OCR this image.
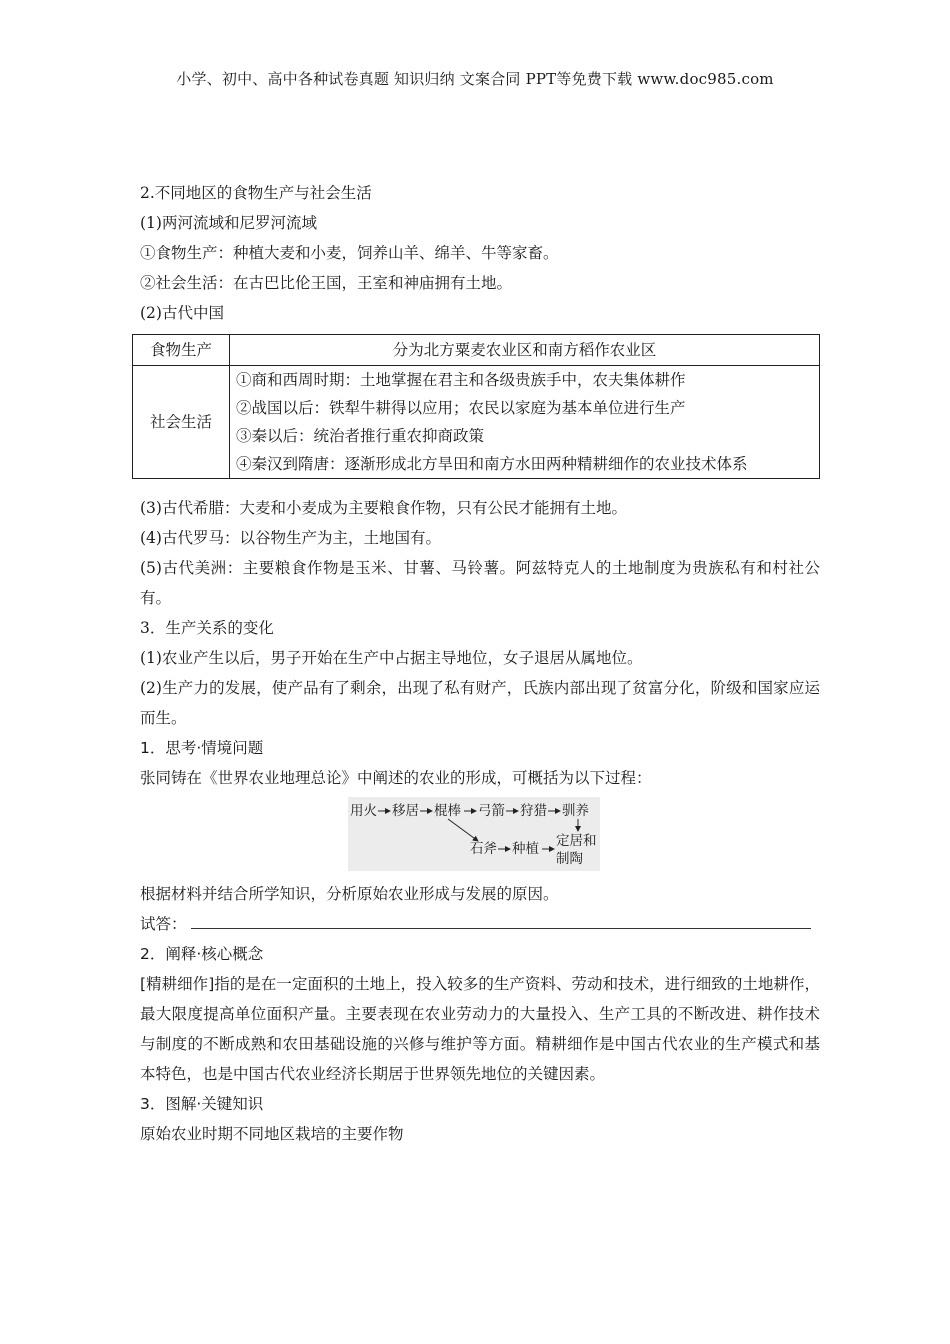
小学、初中、高中各种试卷真题 知识归纳 文案合同 PPT等免费下载 www.doc985.com

2.不同地区的食物生产与社会生活

(1)两河流域和尼罗河流域

①食物生产：种植大麦和小麦，饲养山羊、绵羊、牛等家畜。

②社会生活：在古巴比伦王国，王室和神庙拥有土地。

(2)古代中国

食物生产	分为北方粟麦农业区和南方稻作农业区
社会生活	①商和西周时期：土地掌握在君主和各级贵族手中，农夫集体耕作
②战国以后：铁犁牛耕得以应用；农民以家庭为基本单位进行生产
③秦以后：统治者推行重农抑商政策
④秦汉到隋唐：逐渐形成北方旱田和南方水田两种精耕细作的农业技术体系

(3)古代希腊：大麦和小麦成为主要粮食作物，只有公民才能拥有土地。

(4)古代罗马：以谷物生产为主，土地国有。

(5)古代美洲：主要粮食作物是玉米、甘薯、马铃薯。阿兹特克人的土地制度为贵族私有和村社公有。

3．生产关系的变化

(1)农业产生以后，男子开始在生产中占据主导地位，女子退居从属地位。

(2)生产力的发展，使产品有了剩余，出现了私有财产，氏族内部出现了贫富分化，阶级和国家应运而生。

1．思考·情境问题

张同铸在《世界农业地理总论》中阐述的农业的形成，可概括为以下过程：

用火 移居 棍棒 弓箭 狩猎 驯养
石斧 种植 定居和
制陶

根据材料并结合所学知识，分析原始农业形成与发展的原因。

试答：

2．阐释·核心概念

[精耕细作]指的是在一定面积的土地上，投入较多的生产资料、劳动和技术，进行细致的土地耕作，最大限度提高单位面积产量。主要表现在农业劳动力的大量投入、生产工具的不断改进、耕作技术与制度的不断成熟和农田基础设施的兴修与维护等方面。精耕细作是中国古代农业的生产模式和基本特色，也是中国古代农业经济长期居于世界领先地位的关键因素。

3．图解·关键知识

原始农业时期不同地区栽培的主要作物
